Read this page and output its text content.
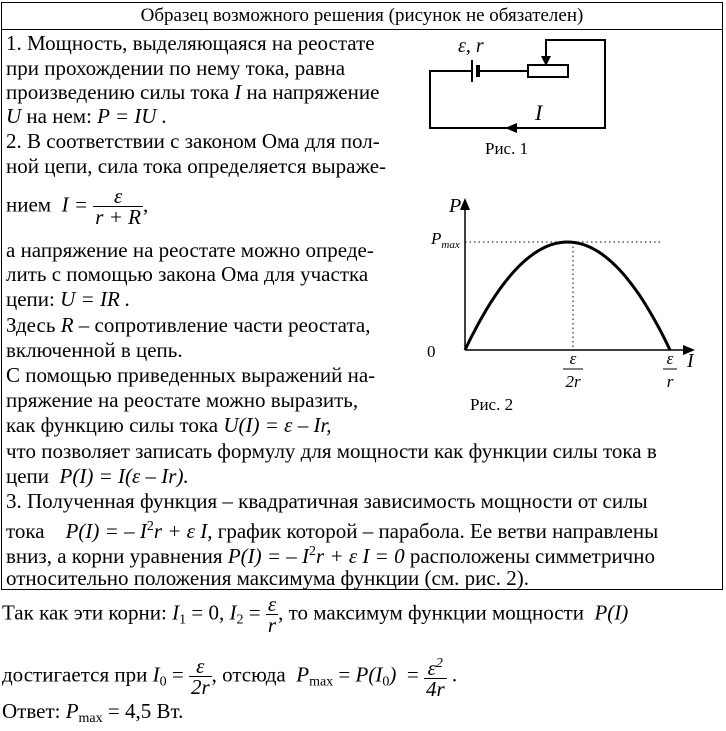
Образец возможного решения (рисунок не обязателен)
1. Мощность, выделяющаяся на реостате
при прохождении по нему тока, равна
произведению силы тока I на напряжение
U на нем: P = IU .
2. В соответствии с законом Ома для пол-
ной цепи, сила тока определяется выраже-
нием $I = \frac{\varepsilon}{r + R}$ ,
а напряжение на реостате можно опреде-
лить с помощью закона Ома для участка
цепи: U = IR .
Здесь R – сопротивление части реостата,
включенной в цепь.
С помощью приведенных выражений на-
пряжение на реостате можно выразить,
как функцию силы тока U(I) = ε – Ir,
что позволяет записать формулу для мощности как функции силы тока в
цепи P(I) = I(ε – Ir).
3. Полученная функция – квадратичная зависимость мощности от силы
тока P(I) = – $I^2r + \varepsilon$ I, график которой – парабола. Ее ветви направлены
вниз, а корни уравнения P(I) = – $I^2r + \varepsilon$ I = 0 расположены симметрично
относительно положения максимума функции (см. рис. 2).
Так как эти корни: $I_1 = 0$, $I_2 = \frac{\varepsilon}{r}$ , то максимум функции мощности P(I)
достигается при $I_0 = \frac{\varepsilon}{2r}$ , отсюда $P_{max} = P(I_0) = \frac{\varepsilon^2}{4r}$ .
Ответ: $P_{max} = 4,5$ Вт.
ε, r
I
Рис. 1
P
$P_{max}$
0	I
ε
2r
ε
r
Рис. 2
